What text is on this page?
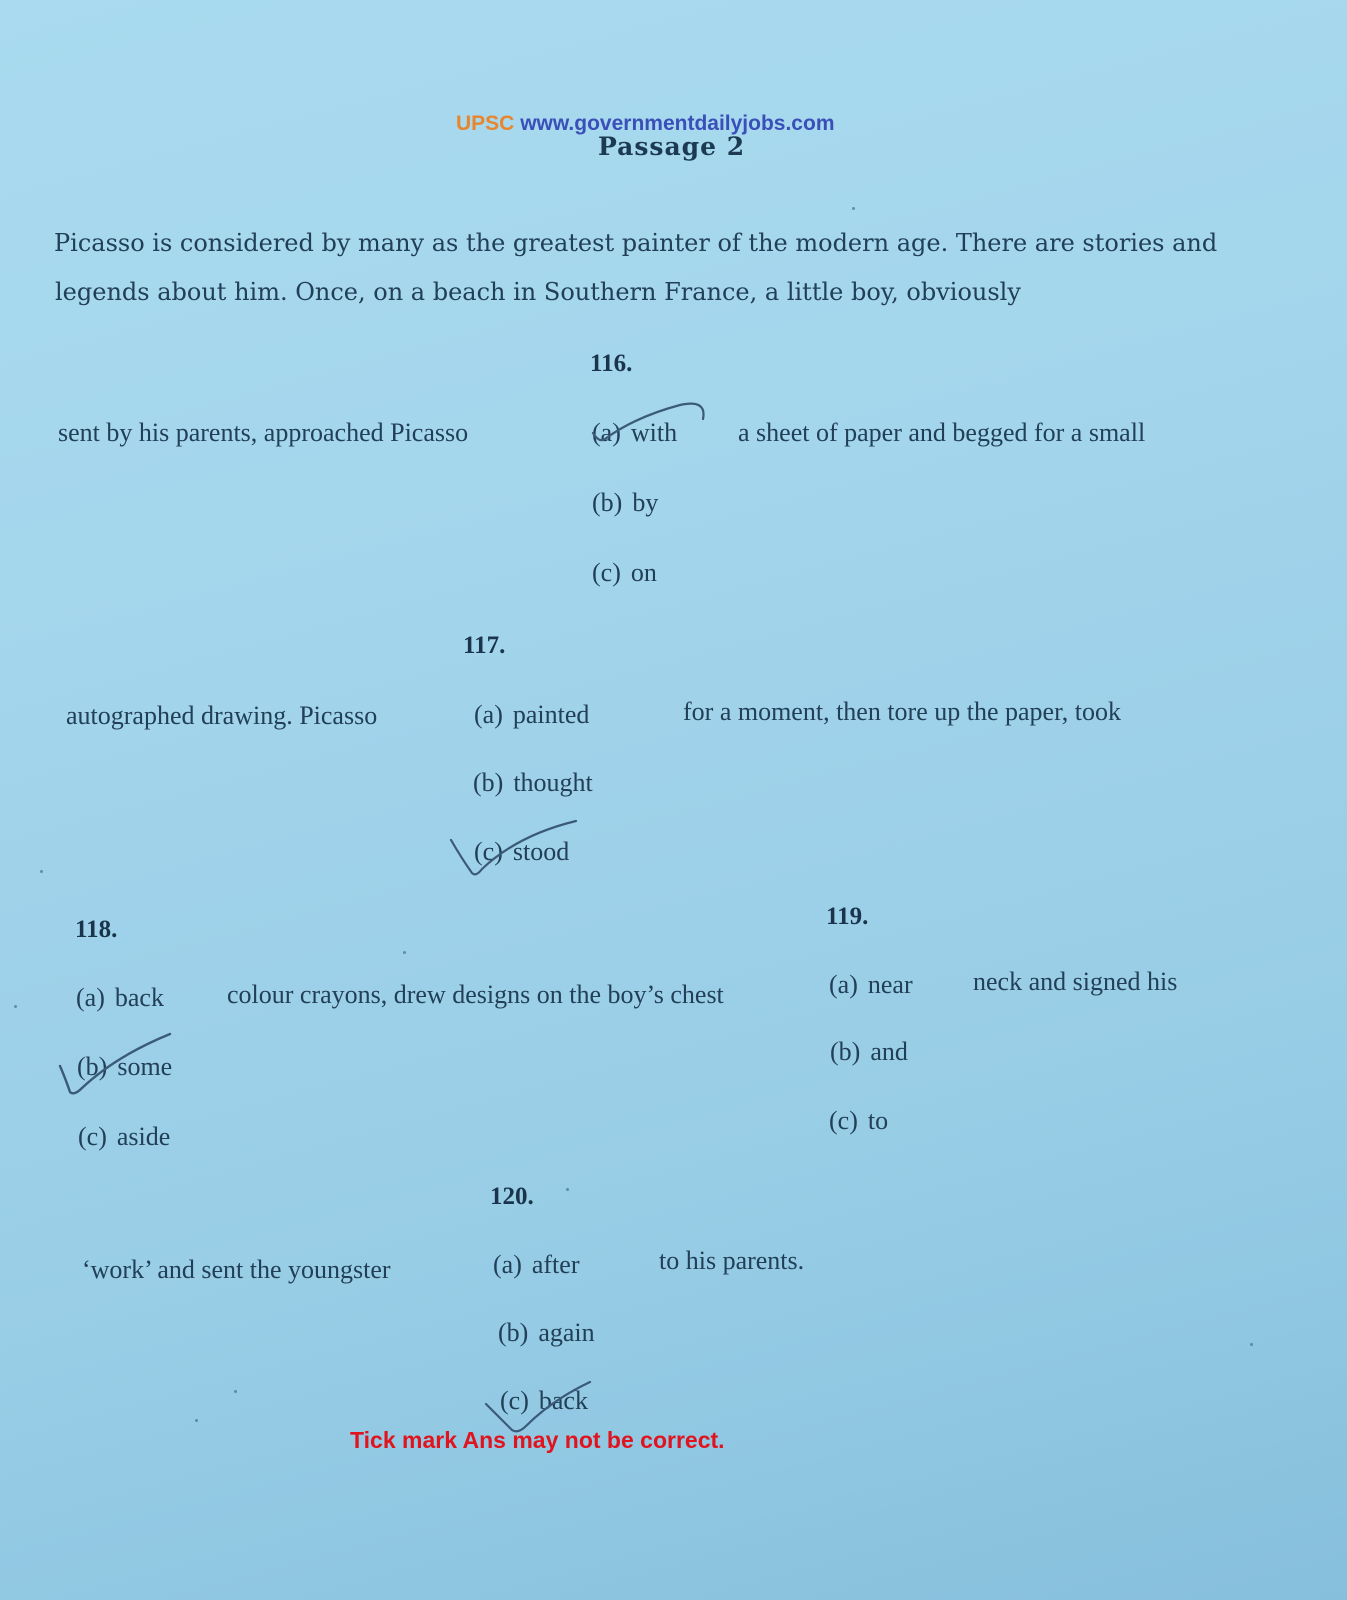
UPSC www.governmentdailyjobs.com
Passage 2
Picasso is considered by many as the greatest painter of the modern age. There are stories and
legends about him. Once, on a beach in Southern France, a little boy, obviously
116.
sent by his parents, approached Picasso	(a) with a sheet of paper and begged for a small
(b) by
(c) on
117.
autographed drawing. Picasso	(a) painted	for a moment, then tore up the paper, took
(b) thought
(c) stood
118.
(a) back colour crayons, drew designs on the boy’s chest
(b) some
(c) aside
119.
(a) near neck and signed his
(b) and
(c) to
120.
‘work’ and sent the youngster	(a) after	to his parents.
(b) again
(c) back
Tick mark Ans may not be correct.
